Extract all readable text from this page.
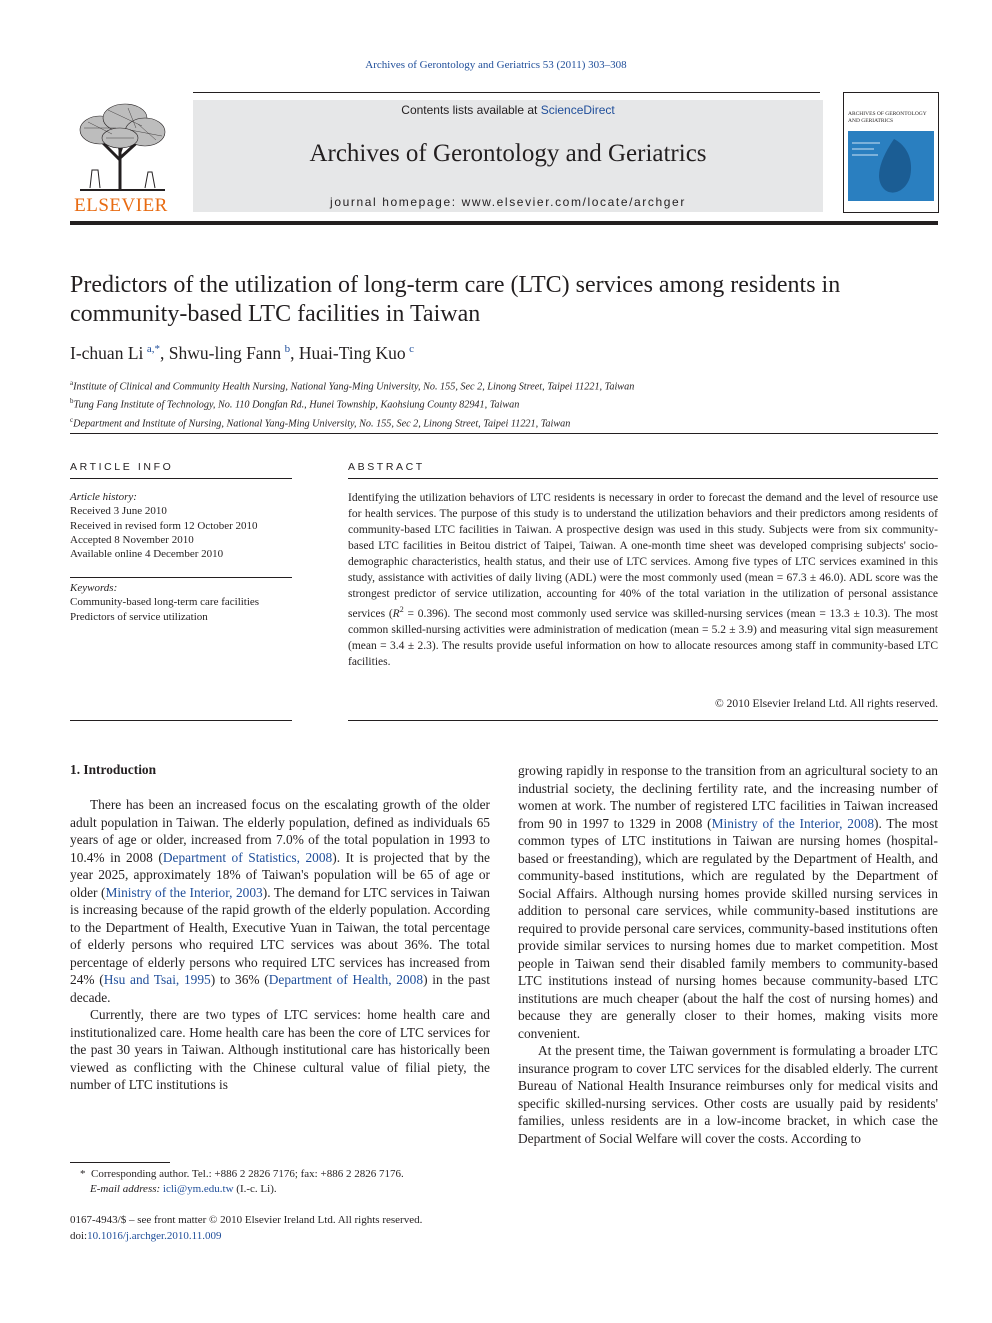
Archives of Gerontology and Geriatrics 53 (2011) 303–308
ELSEVIER
Contents lists available at ScienceDirect
Archives of Gerontology and Geriatrics
journal homepage: www.elsevier.com/locate/archger
ARCHIVES OF GERONTOLOGY AND GERIATRICS
Predictors of the utilization of long-term care (LTC) services among residents in community-based LTC facilities in Taiwan
I-chuan Li  $^{a,*}$, Shwu-ling Fann  $^b$, Huai-Ting Kuo  $^c$
$^a$Institute of Clinical and Community Health Nursing, National Yang-Ming University, No. 155, Sec 2, Linong Street, Taipei 11221, Taiwan
$^b$Tung Fang Institute of Technology, No. 110 Dongfan Rd., Hunei Township, Kaohsiung County 82941, Taiwan
$^c$Department and Institute of Nursing, National Yang-Ming University, No. 155, Sec 2, Linong Street, Taipei 11221, Taiwan
ARTICLE INFO
Article history:
Received 3 June 2010
Received in revised form 12 October 2010
Accepted 8 November 2010
Available online 4 December 2010
Keywords:
Community-based long-term care facilities
Predictors of service utilization
ABSTRACT
Identifying the utilization behaviors of LTC residents is necessary in order to forecast the demand and the level of resource use for health services. The purpose of this study is to understand the utilization behaviors and their predictors among residents of community-based LTC facilities in Taiwan. A prospective design was used in this study. Subjects were from six community-based LTC facilities in Beitou district of Taipei, Taiwan. A one-month time sheet was developed comprising subjects' socio-demographic characteristics, health status, and their use of LTC services. Among five types of LTC services examined in this study, assistance with activities of daily living (ADL) were the most commonly used (mean = 67.3 ± 46.0). ADL score was the strongest predictor of service utilization, accounting for 40% of the total variation in the utilization of personal assistance services $(R^2 = 0.396)$. The second most commonly used service was skilled-nursing services (mean = 13.3 ± 10.3). The most common skilled-nursing activities were administration of medication (mean = 5.2 ± 3.9) and measuring vital sign measurement (mean = 3.4 ± 2.3). The results provide useful information on how to allocate resources among staff in community-based LTC facilities.
© 2010 Elsevier Ireland Ltd. All rights reserved.
1. Introduction

There has been an increased focus on the escalating growth of the older adult population in Taiwan. The elderly population, defined as individuals 65 years of age or older, increased from 7.0% of the total population in 1993 to 10.4% in 2008 (Department of Statistics, 2008). It is projected that by the year 2025, approximately 18% of Taiwan's population will be 65 of age or older (Ministry of the Interior, 2003). The demand for LTC services in Taiwan is increasing because of the rapid growth of the elderly population. According to the Department of Health, Executive Yuan in Taiwan, the total percentage of elderly persons who required LTC services was about 36%. The total percentage of elderly persons who required LTC services has increased from 24% (Hsu and Tsai, 1995) to 36% (Department of Health, 2008) in the past decade.

Currently, there are two types of LTC services: home health care and institutionalized care. Home health care has been the core of LTC services for the past 30 years in Taiwan. Although institutional care has historically been viewed as conflicting with the Chinese cultural value of filial piety, the number of LTC institutions is

growing rapidly in response to the transition from an agricultural society to an industrial society, the declining fertility rate, and the increasing number of women at work. The number of registered LTC facilities in Taiwan increased from 90 in 1997 to 1329 in 2008 (Ministry of the Interior, 2008). The most common types of LTC institutions in Taiwan are nursing homes (hospital-based or freestanding), which are regulated by the Department of Health, and community-based institutions, which are regulated by the Department of Social Affairs. Although nursing homes provide skilled nursing services in addition to personal care services, while community-based institutions are required to provide personal care services, community-based institutions often provide similar services to nursing homes due to market competition. Most people in Taiwan send their disabled family members to community-based LTC institutions instead of nursing homes because community-based LTC institutions are much cheaper (about the half the cost of nursing homes) and because they are generally closer to their homes, making visits more convenient.

At the present time, the Taiwan government is formulating a broader LTC insurance program to cover LTC services for the disabled elderly. The current Bureau of National Health Insurance reimburses only for medical visits and specific skilled-nursing services. Other costs are usually paid by residents' families, unless residents are in a low-income bracket, in which case the Department of Social Welfare will cover the costs. According to

* Corresponding author. Tel.: +886 2 2826 7176; fax: +886 2 2826 7176.
E-mail address: icli@ym.edu.tw (I.-c. Li).
0167-4943/$ – see front matter © 2010 Elsevier Ireland Ltd. All rights reserved.
doi:10.1016/j.archger.2010.11.009
